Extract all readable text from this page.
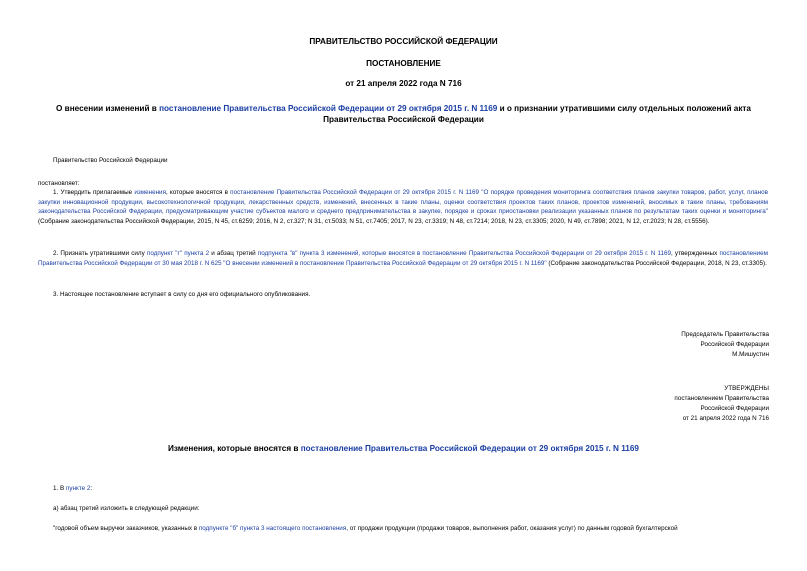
ПРАВИТЕЛЬСТВО РОССИЙСКОЙ ФЕДЕРАЦИИ
ПОСТАНОВЛЕНИЕ
от 21 апреля 2022 года N 716
О внесении изменений в постановление Правительства Российской Федерации от 29 октября 2015 г. N 1169 и о признании утратившими силу отдельных положений акта Правительства Российской Федерации
Правительство Российской Федерации
постановляет:
1. Утвердить прилагаемые изменения, которые вносятся в постановление Правительства Российской Федерации от 29 октября 2015 г. N 1169 "О порядке проведения мониторинга соответствия планов закупки товаров, работ, услуг, планов закупки инновационной продукции, высокотехнологичной продукции, лекарственных средств, изменений, внесенных в такие планы, оценки соответствия проектов таких планов, проектов изменений, вносимых в такие планы, требованиям законодательства Российской Федерации, предусматривающим участие субъектов малого и среднего предпринимательства в закупке, порядке и сроках приостановки реализации указанных планов по результатам таких оценки и мониторинга" (Собрание законодательства Российской Федерации, 2015, N 45, ст.6259; 2016, N 2, ст.327; N 31, ст.5033; N 51, ст.7405; 2017, N 23, ст.3319; N 48, ст.7214; 2018, N 23, ст.3305; 2020, N 49, ст.7898; 2021, N 12, ст.2023; N 28, ст.5556).
2. Признать утратившими силу подпункт "г" пункта 2 и абзац третий подпункта "в" пункта 3 изменений, которые вносятся в постановление Правительства Российской Федерации от 29 октября 2015 г. N 1169, утвержденных постановлением Правительства Российской Федерации от 30 мая 2018 г. N 625 "О внесении изменений в постановление Правительства Российской Федерации от 29 октября 2015 г. N 1169" (Собрание законодательства Российской Федерации, 2018, N 23, ст.3305).
3. Настоящее постановление вступает в силу со дня его официального опубликования.
Председатель Правительства
Российской Федерации
М.Мишустин
УТВЕРЖДЕНЫ
постановлением Правительства
Российской Федерации
от 21 апреля 2022 года N 716
Изменения, которые вносятся в постановление Правительства Российской Федерации от 29 октября 2015 г. N 1169
1. В пункте 2:
а) абзац третий изложить в следующей редакции:
"годовой объем выручки заказчиков, указанных в подпункте "б" пункта 3 настоящего постановления, от продажи продукции (продажи товаров, выполнения работ, оказания услуг) по данным годовой бухгалтерской
